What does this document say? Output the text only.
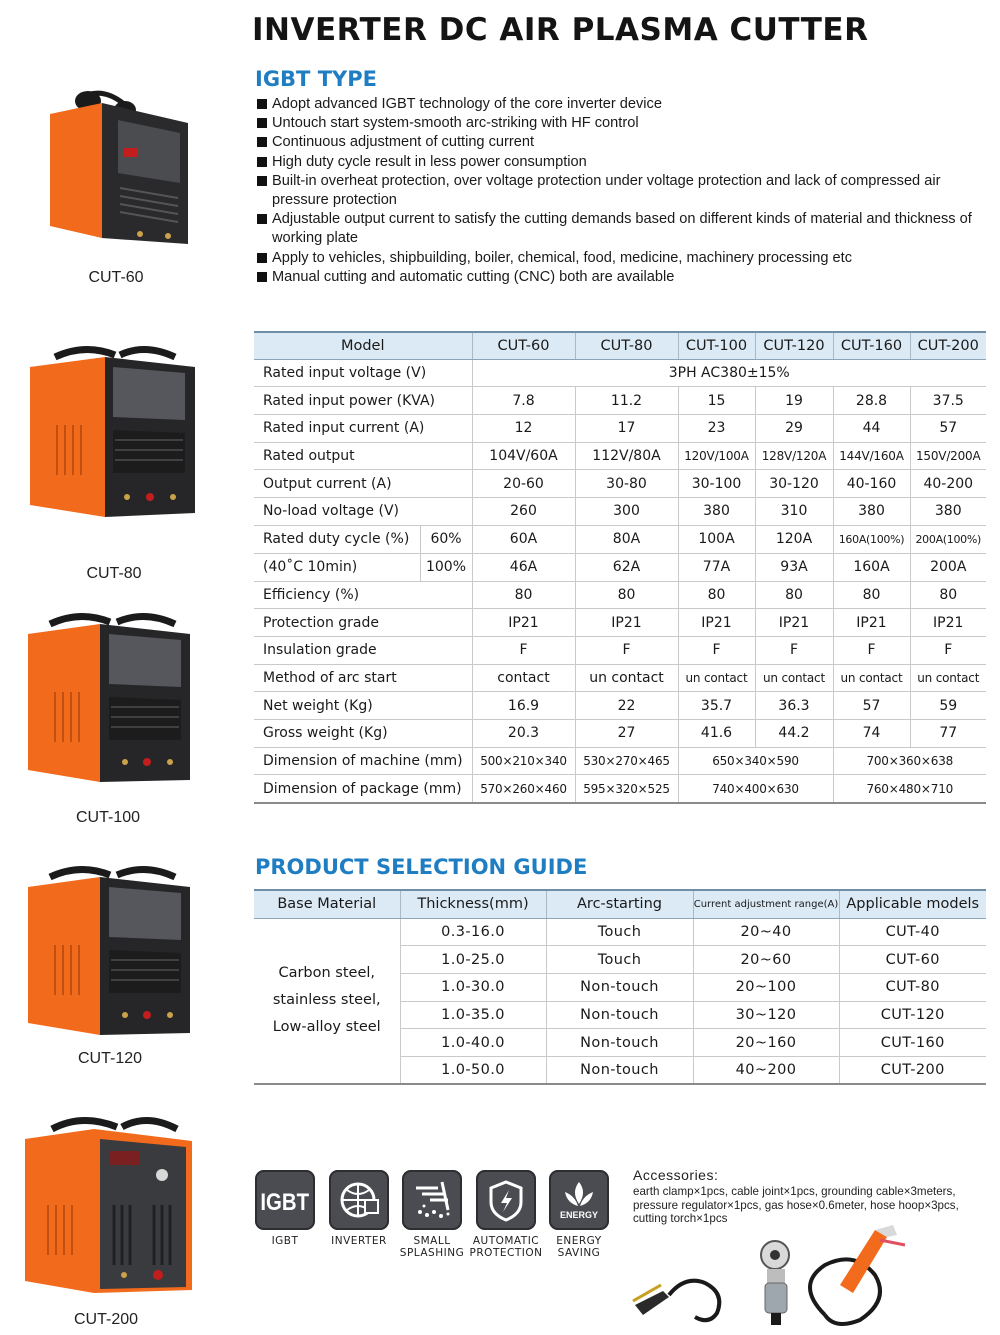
INVERTER DC AIR PLASMA CUTTER
IGBT TYPE
Adopt advanced IGBT technology of the core inverter device
Untouch start system-smooth arc-striking with HF control
Continuous adjustment of cutting current
High duty cycle result in less power consumption
Built-in overheat protection, over voltage protection under voltage protection and lack of compressed air pressure protection
Adjustable output current to satisfy the cutting demands based on different kinds of material and thickness of working plate
Apply to vehicles, shipbuilding, boiler, chemical, food, medicine, machinery processing etc
Manual cutting and automatic cutting (CNC) both are available
CUT-60
CUT-80
CUT-100
CUT-120
CUT-200
Model	CUT-60	CUT-80	CUT-100	CUT-120	CUT-160	CUT-200
Rated input voltage (V)	3PH AC380±15%					
Rated input power (KVA)	7.8	11.2	15	19	28.8	37.5
Rated input current (A)	12	17	23	29	44	57
Rated output	104V/60A	112V/80A	120V/100A	128V/120A	144V/160A	150V/200A
Output current (A)	20-60	30-80	30-100	30-120	40-160	40-200
No-load voltage (V)	260	300	380	310	380	380

Rated duty cycle (%) 60%	60A	80A	100A	120A	160A(100%)	200A(100%)

(40˚C 10min) 100%	46A	62A	77A	93A	160A	200A
Efficiency (%)	80	80	80	80	80	80
Protection grade	IP21	IP21	IP21	IP21	IP21	IP21
Insulation grade	F	F	F	F	F	F
Method of arc start	contact	un contact	un contact	un contact	un contact	un contact
Net weight (Kg)	16.9	22	35.7	36.3	57	59
Gross weight (Kg)	20.3	27	41.6	44.2	74	77
Dimension of machine (mm)	500×210×340	530×270×465	650×340×590		700×360×638	
Dimension of package (mm)	570×260×460	595×320×525	740×400×630		760×480×710	
PRODUCT SELECTION GUIDE
Base Material	Thickness(mm)	Arc-starting	Current adjustment range(A)	Applicable models

Carbon steel,
stainless steel,
Low-alloy steel	0.3-16.0	Touch	20~40	CUT-40
	1.0-25.0	Touch	20~60	CUT-60
	1.0-30.0	Non-touch	20~100	CUT-80
	1.0-35.0	Non-touch	30~120	CUT-120
	1.0-40.0	Non-touch	20~160	CUT-160
	1.0-50.0	Non-touch	40~200	CUT-200
IGBT
IGBT	INVERTER	SMALL
SPLASHING
AUTOMATIC
PROTECTION
ENERGY
ENERGY
SAVING
Accessories:
earth clamp×1pcs, cable joint×1pcs, grounding cable×3meters, pressure regulator×1pcs, gas hose×0.6meter, hose hoop×3pcs, cutting torch×1pcs
